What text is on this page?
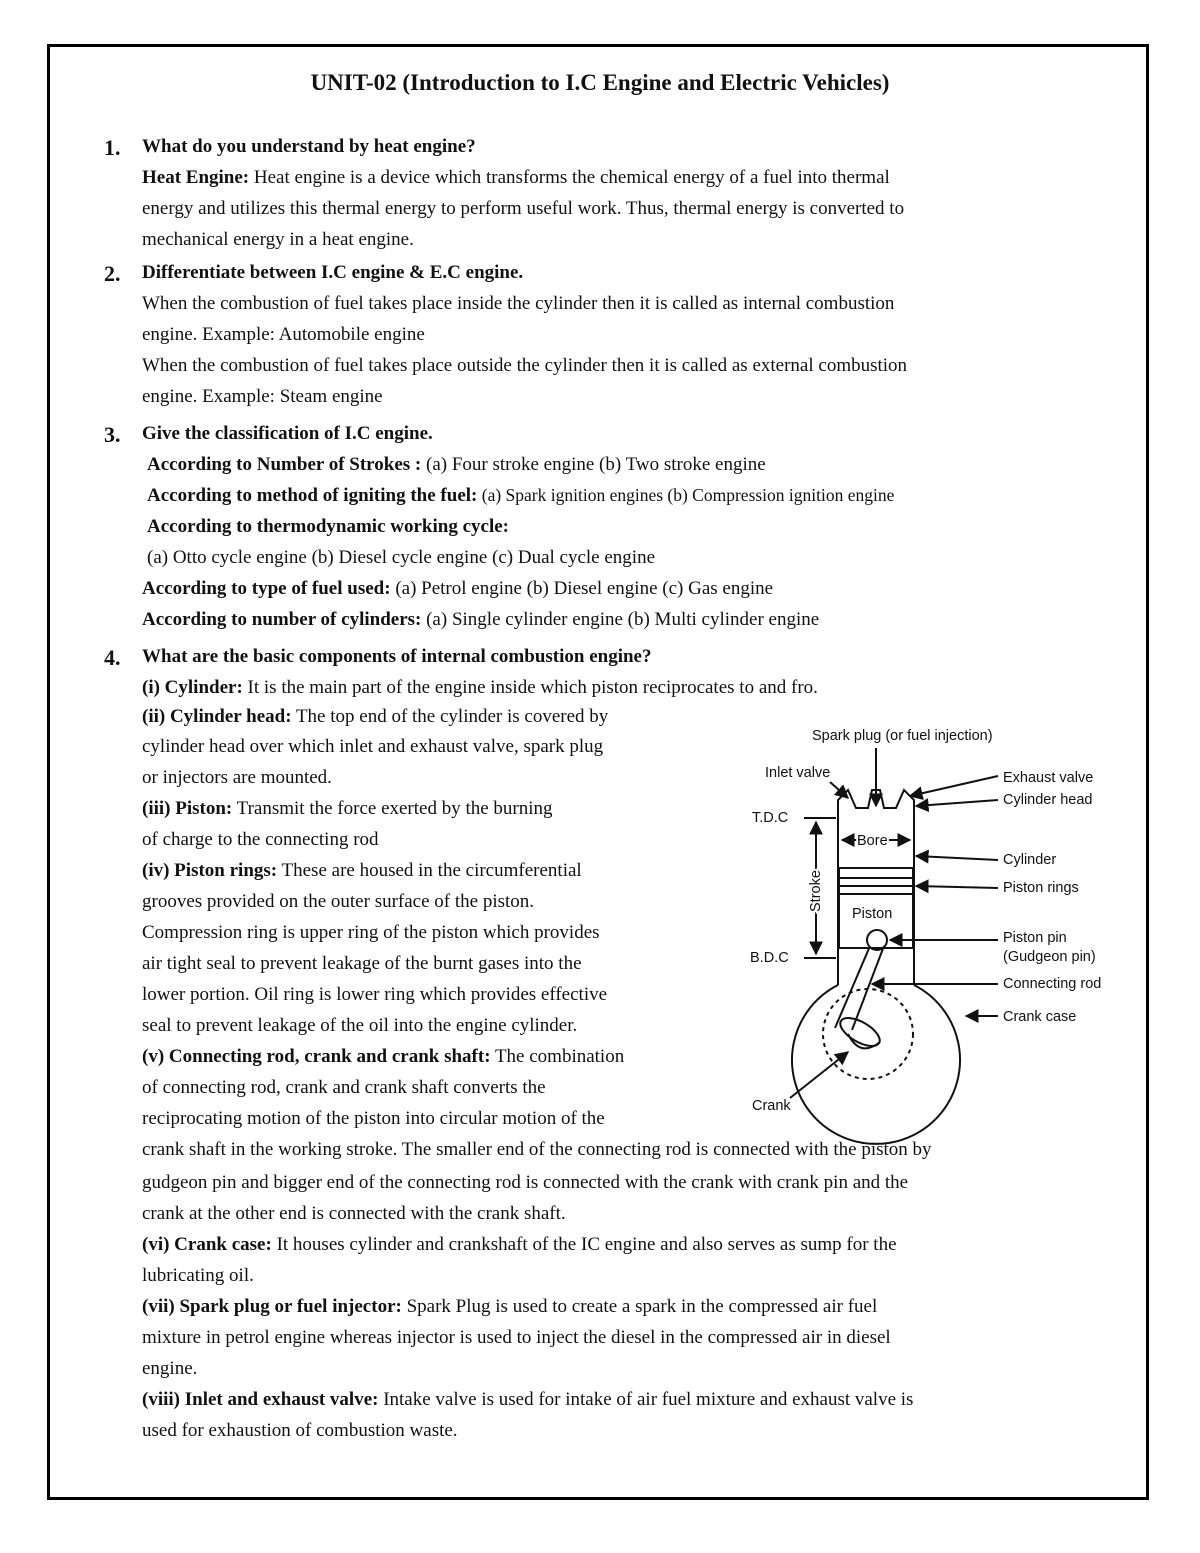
UNIT-02 (Introduction to I.C Engine and Electric Vehicles)
1. What do you understand by heat engine?
Heat Engine: Heat engine is a device which transforms the chemical energy of a fuel into thermal
energy and utilizes this thermal energy to perform useful work. Thus, thermal energy is converted to
mechanical energy in a heat engine.
2. Differentiate between I.C engine & E.C engine.
When the combustion of fuel takes place inside the cylinder then it is called as internal combustion
engine. Example: Automobile engine
When the combustion of fuel takes place outside the cylinder then it is called as external combustion
engine. Example: Steam engine
3. Give the classification of I.C engine.
According to Number of Strokes : (a) Four stroke engine (b) Two stroke engine
According to method of igniting the fuel: (a) Spark ignition engines (b) Compression ignition engine
According to thermodynamic working cycle:
(a) Otto cycle engine (b) Diesel cycle engine (c) Dual cycle engine
According to type of fuel used: (a) Petrol engine (b) Diesel engine (c) Gas engine
According to number of cylinders: (a) Single cylinder engine (b) Multi cylinder engine
4. What are the basic components of internal combustion engine?
(i) Cylinder: It is the main part of the engine inside which piston reciprocates to and fro.
(ii) Cylinder head: The top end of the cylinder is covered by
cylinder head over which inlet and exhaust valve, spark plug
or injectors are mounted.
(iii) Piston: Transmit the force exerted by the burning
of charge to the connecting rod
(iv) Piston rings: These are housed in the circumferential
grooves provided on the outer surface of the piston.
Compression ring is upper ring of the piston which provides
air tight seal to prevent leakage of the burnt gases into the
lower portion. Oil ring is lower ring which provides effective
seal to prevent leakage of the oil into the engine cylinder.
(v) Connecting rod, crank and crank shaft: The combination
of connecting rod, crank and crank shaft converts the
reciprocating motion of the piston into circular motion of the
crank shaft in the working stroke. The smaller end of the connecting rod is connected with the piston by
gudgeon pin and bigger end of the connecting rod is connected with the crank with crank pin and the
crank at the other end is connected with the crank shaft.
(vi) Crank case: It houses cylinder and crankshaft of the IC engine and also serves as sump for the
lubricating oil.
(vii) Spark plug or fuel injector: Spark Plug is used to create a spark in the compressed air fuel
mixture in petrol engine whereas injector is used to inject the diesel in the compressed air in diesel
engine.
(viii) Inlet and exhaust valve: Intake valve is used for intake of air fuel mixture and exhaust valve is
used for exhaustion of combustion waste.
Spark plug (or fuel injection)
Inlet valve	Exhaust valve
Cylinder head
T.D.C
Bore
Cylinder
Stroke	Piston rings
Piston
Piston pin
(Gudgeon pin)
B.D.C
Connecting rod
Crank case
Crank
